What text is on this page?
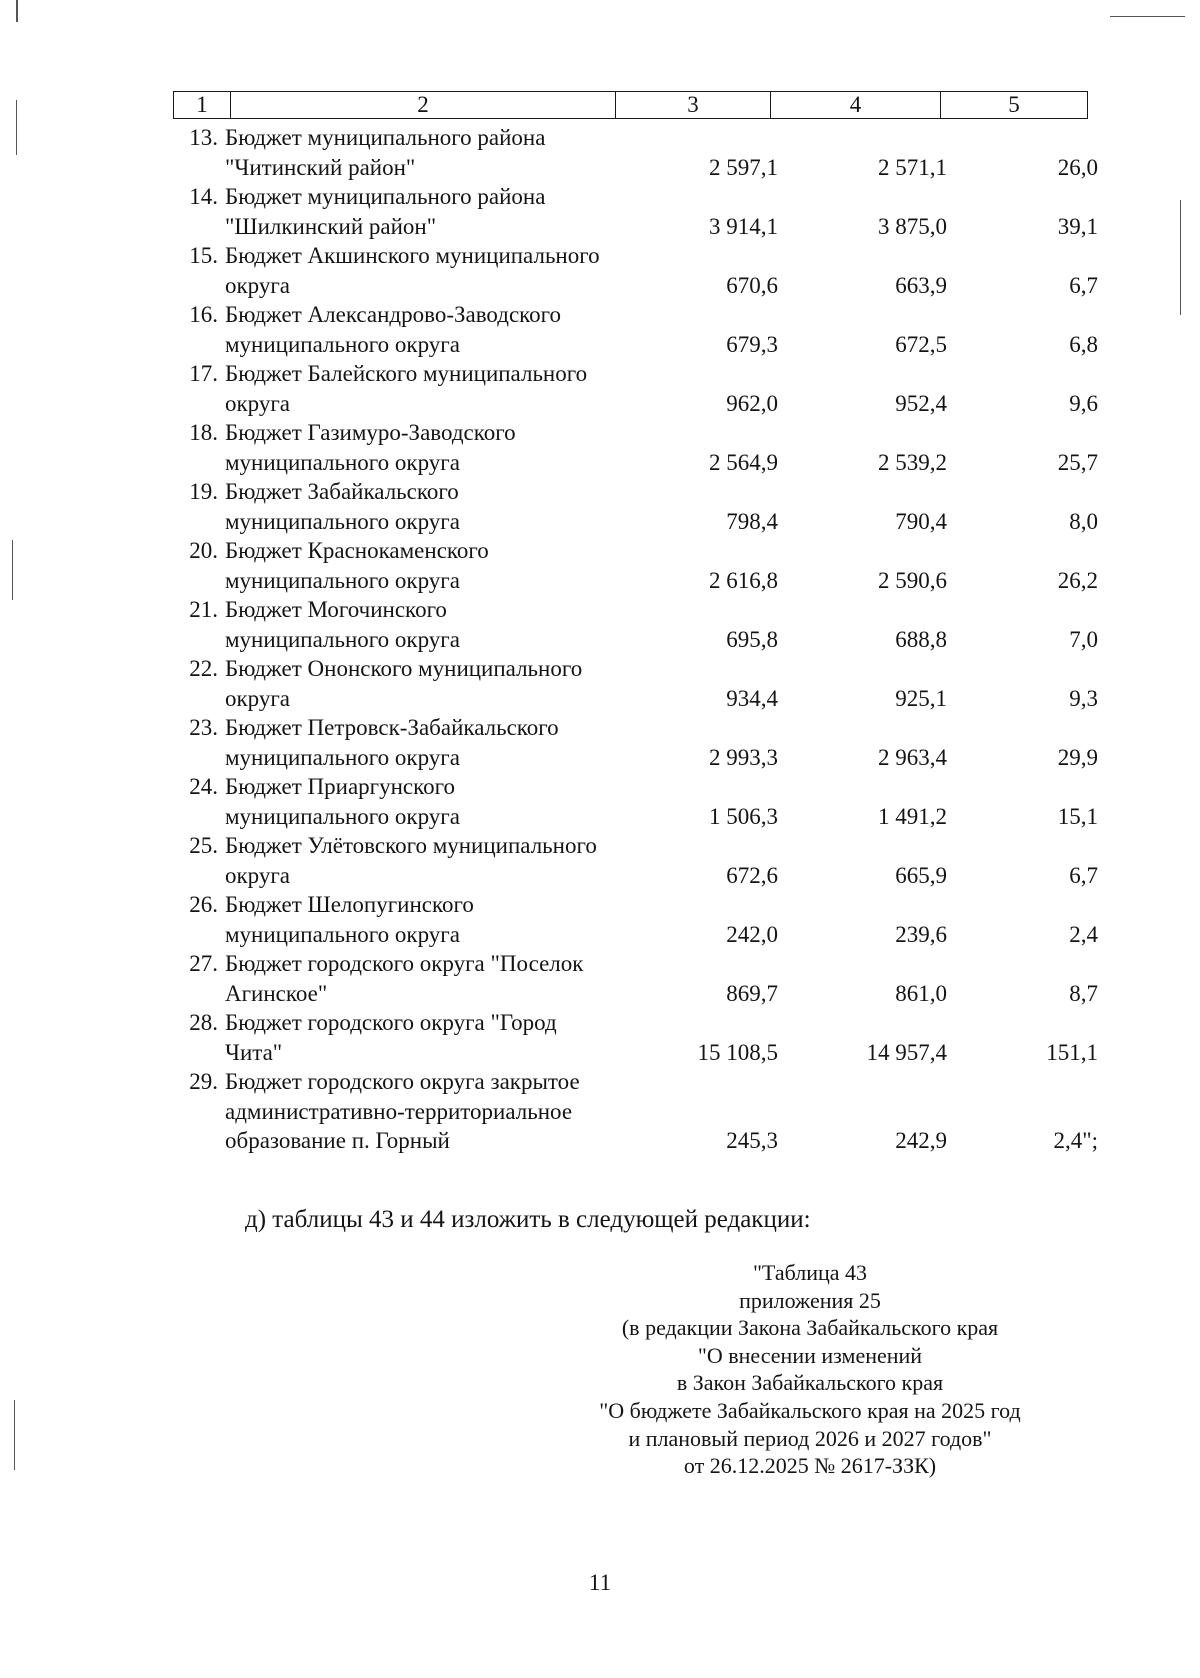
1	2	3	4	5
13. Бюджет муниципального района "Читинский район"	2 597,1	2 571,1	26,0
14. Бюджет муниципального района "Шилкинский район"	3 914,1	3 875,0	39,1
15. Бюджет Акшинского муниципального округа	670,6	663,9	6,7
16. Бюджет Александрово-Заводского муниципального округа	679,3	672,5	6,8
17. Бюджет Балейского муниципального округа	962,0	952,4	9,6
18. Бюджет Газимуро-Заводского муниципального округа	2 564,9	2 539,2	25,7
19. Бюджет Забайкальского муниципального округа	798,4	790,4	8,0
20. Бюджет Краснокаменского муниципального округа	2 616,8	2 590,6	26,2
21. Бюджет Могочинского муниципального округа	695,8	688,8	7,0
22. Бюджет Ононского муниципального округа	934,4	925,1	9,3
23. Бюджет Петровск-Забайкальского муниципального округа	2 993,3	2 963,4	29,9
24. Бюджет Приаргунского муниципального округа	1 506,3	1 491,2	15,1
25. Бюджет Улётовского муниципального округа	672,6	665,9	6,7
26. Бюджет Шелопугинского муниципального округа	242,0	239,6	2,4
27. Бюджет городского округа "Поселок Агинское"	869,7	861,0	8,7
28. Бюджет городского округа "Город Чита"	15 108,5	14 957,4	151,1
29. Бюджет городского округа закрытое административно-территориальное образование п. Горный	245,3	242,9	2,4";
д) таблицы 43 и 44 изложить в следующей редакции:
"Таблица 43
приложения 25
(в редакции Закона Забайкальского края
"О внесении изменений
в Закон Забайкальского края
"О бюджете Забайкальского края на 2025 год
и плановый период 2026 и 2027 годов"
от 26.12.2025 № 2617-ЗЗК)
11
